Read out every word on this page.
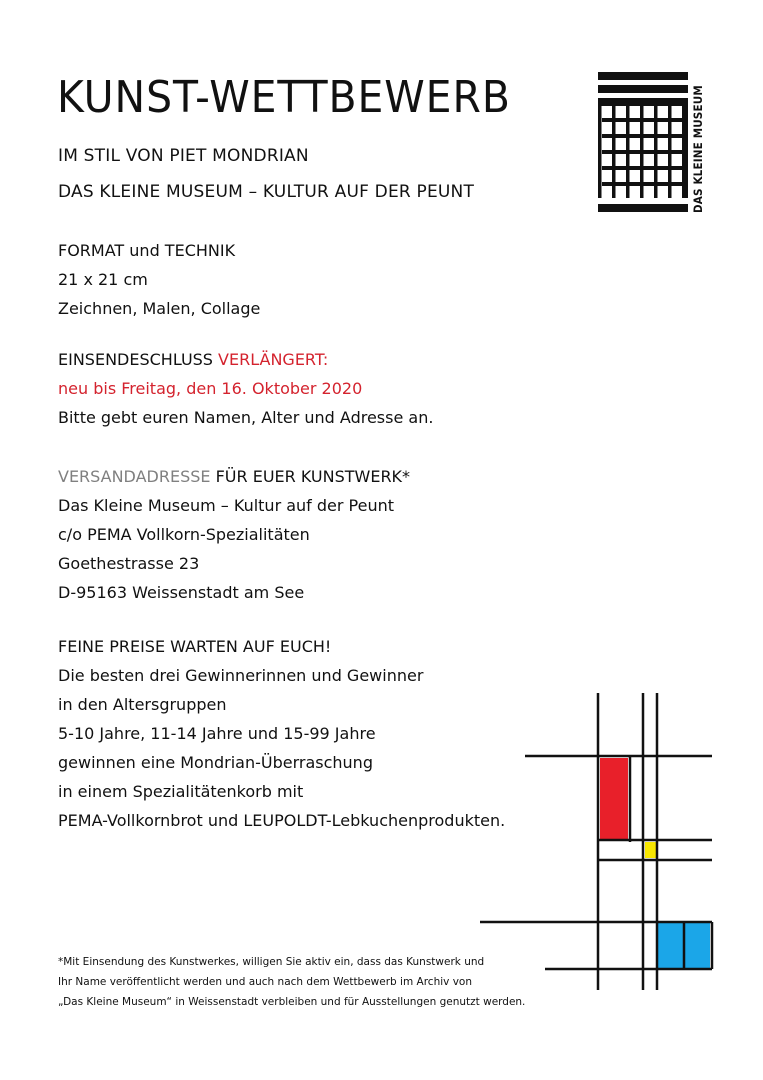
KUNST-WETTBEWERB
IM STIL VON PIET MONDRIAN
DAS KLEINE MUSEUM – KULTUR AUF DER PEUNT	DAS KLEINE MUSEUM
FORMAT und TECHNIK
21 x 21 cm
Zeichnen, Malen, Collage
EINSENDESCHLUSS VERLÄNGERT:
neu bis Freitag, den 16. Oktober 2020
Bitte gebt euren Namen, Alter und Adresse an.
VERSANDADRESSE FÜR EUER KUNSTWERK*
Das Kleine Museum – Kultur auf der Peunt
c/o PEMA Vollkorn-Spezialitäten
Goethestrasse 23
D-95163 Weissenstadt am See
FEINE PREISE WARTEN AUF EUCH!
Die besten drei Gewinnerinnen und Gewinner
in den Altersgruppen
5-10 Jahre, 11-14 Jahre und 15-99 Jahre
gewinnen eine Mondrian-Überraschung
in einem Spezialitätenkorb mit
PEMA-Vollkornbrot und LEUPOLDT-Lebkuchenprodukten.
*Mit Einsendung des Kunstwerkes, willigen Sie aktiv ein, dass das Kunstwerk und
Ihr Name veröffentlicht werden und auch nach dem Wettbewerb im Archiv von
„Das Kleine Museum“ in Weissenstadt verbleiben und für Ausstellungen genutzt werden.
